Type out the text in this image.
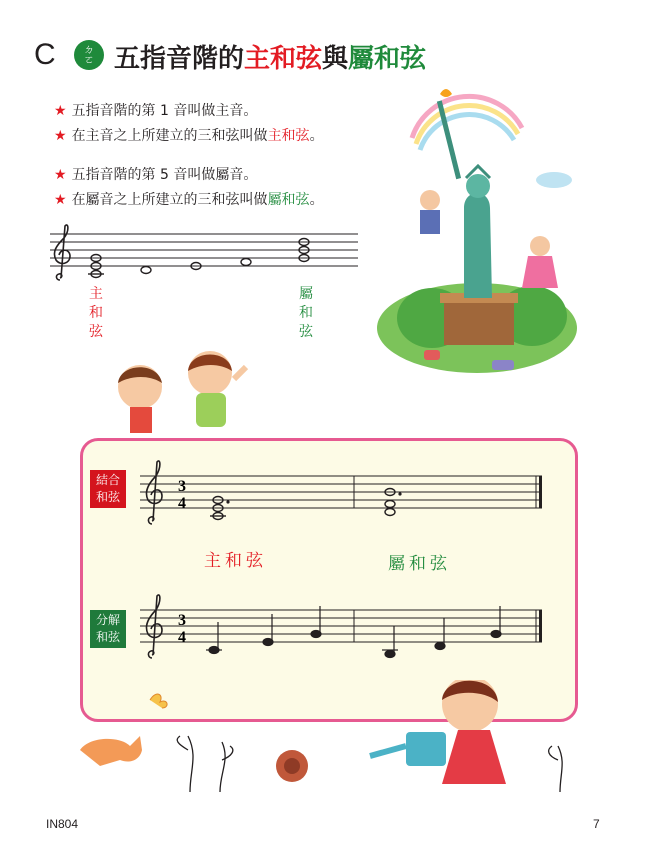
C	ㄉ
ㄛ 五指音階的主和弦與屬和弦
★ 五指音階的第 1 音叫做主音。
★ 在主音之上所建立的三和弦叫做主和弦。
★ 五指音階的第 5 音叫做屬音。
★ 在屬音之上所建立的三和弦叫做屬和弦。
主
和
弦
屬
和
弦
結合
和弦
分解
和弦
3
4
主和弦	屬和弦
3
4
IN804	7
